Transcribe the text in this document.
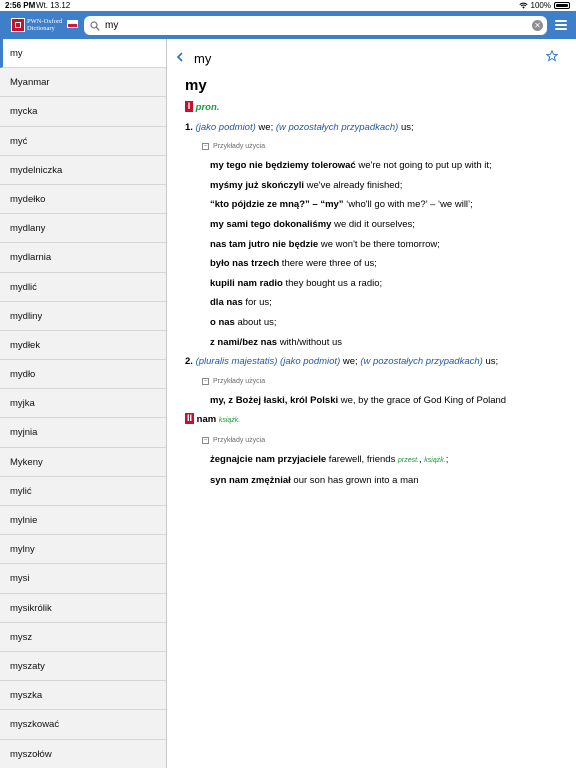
2:56 PM Wt. 13.12	100%
PWN-Oxford
Dictionary
my	✕
my
Myanmar
mycka
myć
mydelniczka
mydełko
mydlany
mydlarnia
mydlić
mydliny
mydłek
mydło
myjka
myjnia
Mykeny
mylić
mylnie
mylny
mysi
mysikrólik
mysz
myszaty
myszka
myszkować
myszołów
my
my
I pron.
1. (jako podmiot) we; (w pozostałych przypadkach) us;
– Przykłady użycia
my tego nie będziemy tolerować we're not going to put up with it;
myśmy już skończyli we've already finished;
“kto pójdzie ze mną?” – “my” ‘who'll go with me?’ – ‘we will’;
my sami tego dokonaliśmy we did it ourselves;
nas tam jutro nie będzie we won't be there tomorrow;
było nas trzech there were three of us;
kupili nam radio they bought us a radio;
dla nas for us;
o nas about us;
z nami/bez nas with/without us
2. (pluralis majestatis) (jako podmiot) we; (w pozostałych przypadkach) us;
– Przykłady użycia
my, z Bożej łaski, król Polski we, by the grace of God King of Poland
II nam książk.
– Przykłady użycia
żegnajcie nam przyjaciele farewell, friends przest., książk.;
syn nam zmężniał our son has grown into a man
